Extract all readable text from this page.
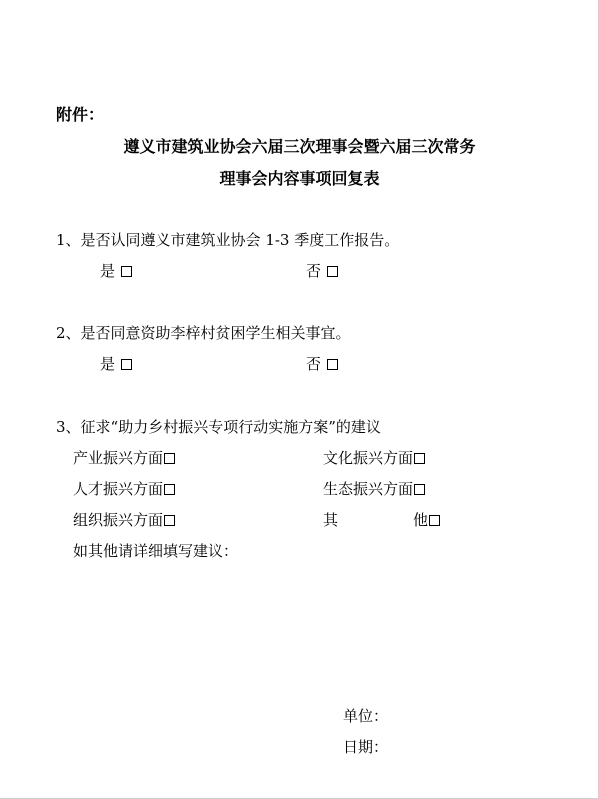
附件：
遵义市建筑业协会六届三次理事会暨六届三次常务
理事会内容事项回复表
1、是否认同遵义市建筑业协会 1-3 季度工作报告。
是	否
2、是否同意资助李梓村贫困学生相关事宜。
是	否
3、征求“助力乡村振兴专项行动实施方案”的建议
产业振兴方面	文化振兴方面
人才振兴方面	生态振兴方面
组织振兴方面	其	他
如其他请详细填写建议：
单位：
日期：
